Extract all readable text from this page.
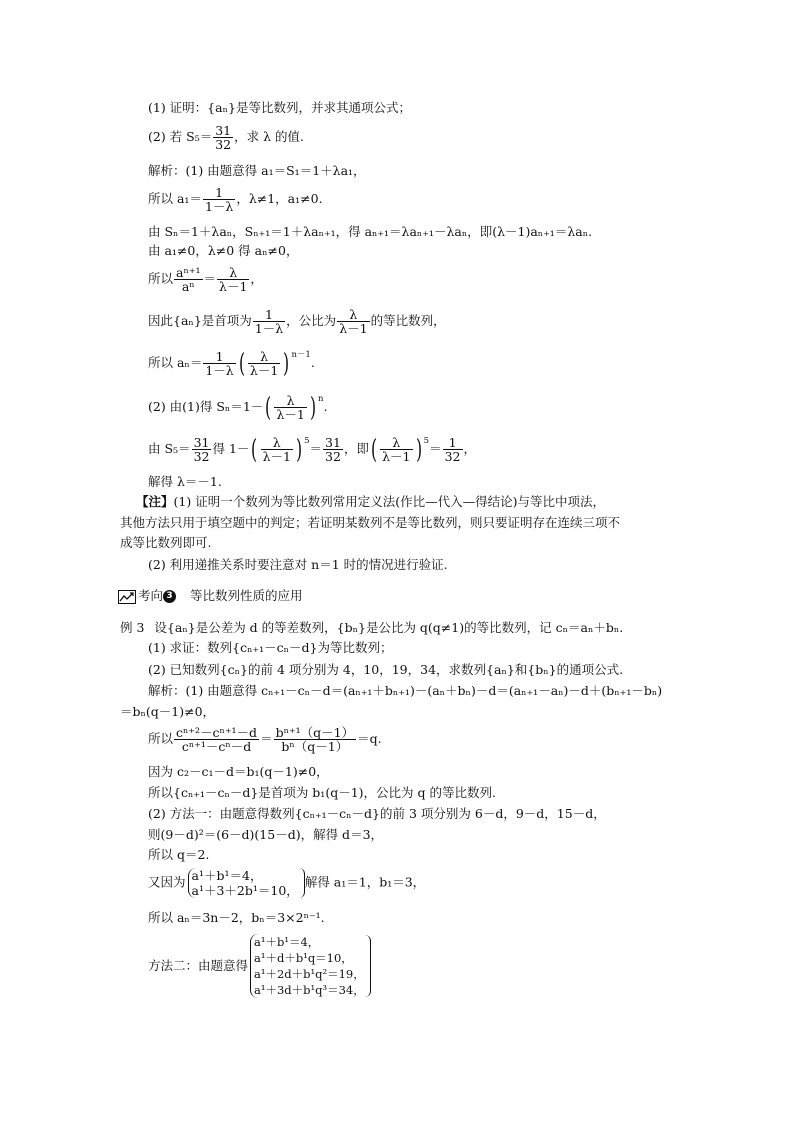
(1) 证明：{aₙ}是等比数列，并求其通项公式；
(2) 若 $S_5= \frac{31}{32}$ ，求 λ 的值.
解析：(1) 由题意得 a₁＝S₁＝1＋λa₁，
所以 $a_1= \frac{1}{1-\lambda}$ ，λ≠1，a₁≠0.
由 Sₙ＝1＋λaₙ，Sₙ₊₁＝1＋λaₙ₊₁，得 aₙ₊₁＝λaₙ₊₁－λaₙ，即(λ－1)aₙ₊₁＝λaₙ.
由 a₁≠0，λ≠0 得 aₙ≠0，
所以 $\frac{\text{aⁿ⁺¹}}{\text{aⁿ}} = \frac{\lambda}{\lambda-1}$ ，
因此{aₙ}是首项为 $\frac{1}{1-\lambda}$ ，公比为 $\frac{\lambda}{\lambda-1}$ 的等比数列，
所以 $a_n= \frac{1}{1-\lambda}$ ( $\frac{\lambda}{\lambda-1}$ ) $^{n-1}$.
(2) 由(1)得 $S_n=1-( \frac{\lambda}{\lambda-1}$ ) $^n$.
由 $S_5= \frac{31}{32}$ 得 $1-( \frac{\lambda}{\lambda-1}$ ) $^5= \frac{31}{32}$ ，即( $\frac{\lambda}{\lambda-1}$ ) $^5= \frac{1}{32}$ ，
解得 λ＝－1.
【注】(1) 证明一个数列为等比数列常用定义法(作比—代入—得结论)与等比中项法，
其他方法只用于填空题中的判定；若证明某数列不是等比数列，则只要证明存在连续三项不
成等比数列即可.
(2) 利用递推关系时要注意对 n＝1 时的情况进行验证.
考向 3 等比数列性质的应用
例 3 设{aₙ}是公差为 d 的等差数列，{bₙ}是公比为 q(q≠1)的等比数列，记 cₙ＝aₙ＋bₙ.
(1) 求证：数列{cₙ₊₁－cₙ－d}为等比数列；
(2) 已知数列{cₙ}的前 4 项分别为 4，10，19，34，求数列{aₙ}和{bₙ}的通项公式.
解析：(1) 由题意得 cₙ₊₁－cₙ－d＝(aₙ₊₁＋bₙ₊₁)－(aₙ＋bₙ)－d＝(aₙ₊₁－aₙ)－d＋(bₙ₊₁－bₙ)
＝bₙ(q－1)≠0，
所以 $\frac{\text{cⁿ⁺²－cⁿ⁺¹－d}}{\text{cⁿ⁺¹－cⁿ－d}} = \frac{\text{bⁿ⁺¹（q－1）}}{\text{bⁿ（q－1）}} =q$.
因为 c₂－c₁－d＝b₁(q－1)≠0，
所以{cₙ₊₁－cₙ－d}是首项为 b₁(q－1)，公比为 q 的等比数列.
(2) 方法一：由题意得数列{cₙ₊₁－cₙ－d}的前 3 项分别为 6－d，9－d，15－d，
则(9－d)²＝(6－d)(15－d)，解得 d＝3，
所以 q＝2.
又因为 a¹＋b¹＝4，
a¹＋3＋2b¹＝10，
解得 a₁＝1，b₁＝3，
所以 aₙ＝3n－2，bₙ＝3×2ⁿ⁻¹.
方法二：由题意得
a¹＋b¹＝4，
a¹＋d＋b¹q＝10，
a¹＋2d＋b¹q²＝19，
a¹＋3d＋b¹q³＝34，
